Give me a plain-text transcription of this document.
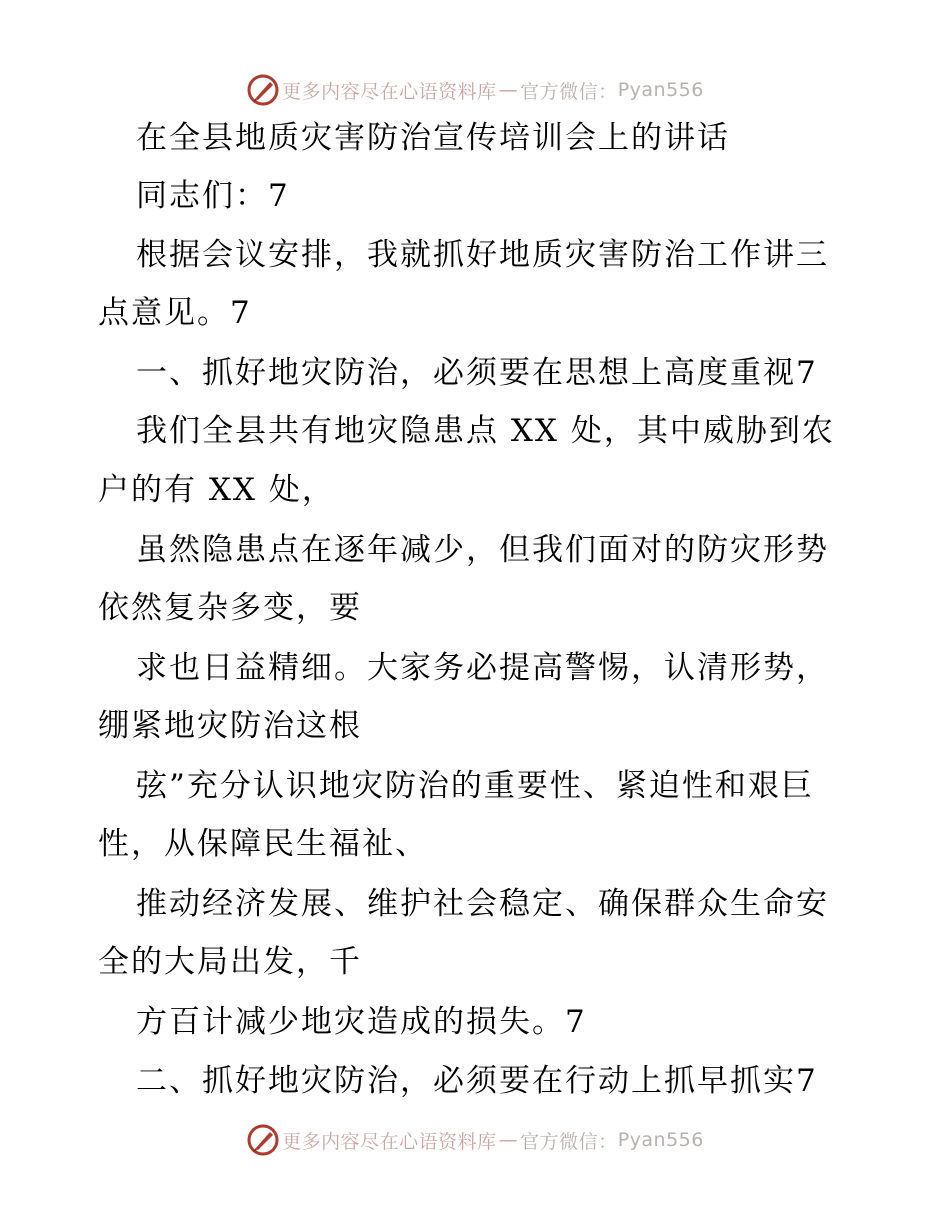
更多内容尽在心语资料库 — 官方微信： Pyan556
在全县地质灾害防治宣传培训会上的讲话
同志们：7
根据会议安排，我就抓好地质灾害防治工作讲三
点意见。7
一、抓好地灾防治，必须要在思想上高度重视7
我们全县共有地灾隐患点 XX 处，其中威胁到农
户的有 XX 处，
虽然隐患点在逐年减少，但我们面对的防灾形势
依然复杂多变，要
求也日益精细。大家务必提高警惕，认清形势，
绷紧地灾防治这根
弦”充分认识地灾防治的重要性、紧迫性和艰巨
性，从保障民生福祉、
推动经济发展、维护社会稳定、确保群众生命安
全的大局出发，千
方百计减少地灾造成的损失。7
二、抓好地灾防治，必须要在行动上抓早抓实7
更多内容尽在心语资料库 — 官方微信： Pyan556
